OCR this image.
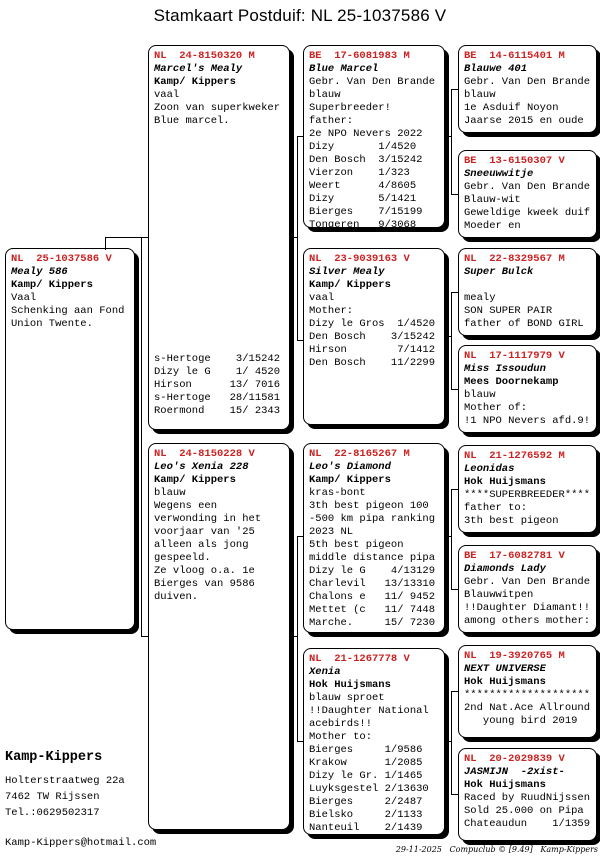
Stamkaart Postduif: NL 25-1037586 V
NL  25-1037586 V
Mealy 586
Kamp/ Kippers
Vaal
Schenking aan Fond
Union Twente.
NL  24-8150320 M
Marcel's Mealy
Kamp/ Kippers
vaal
Zoon van superkweker
Blue marcel.
s-Hertoge    3/15242
Dizy le G    1/ 4520
Hirson      13/ 7016
s-Hertoge   28/11581
Roermond    15/ 2343
NL  24-8150228 V
Leo's Xenia 228
Kamp/ Kippers
blauw
Wegens een
verwonding in het
voorjaar van '25
alleen als jong
gespeeld.
Ze vloog o.a. 1e
Bierges van 9586
duiven.
BE  17-6081983 M
Blue Marcel
Gebr. Van Den Brande
blauw
Superbreeder!
father:
2e NPO Nevers 2022
Dizy       1/4520
Den Bosch  3/15242
Vierzon    1/323
Weert      4/8605
Dizy       5/1421
Bierges    7/15199
Tongeren   9/3068
NL  23-9039163 V
Silver Mealy
Kamp/ Kippers
vaal
Mother:
Dizy le Gros  1/4520
Den Bosch    3/15242
Hirson        7/1412
Den Bosch    11/2299
NL  22-8165267 M
Leo's Diamond
Kamp/ Kippers
kras-bont
3th best pigeon 100
-500 km pipa ranking
2023 NL
5th best pigeon
middle distance pipa
Dizy le G    4/13129
Charlevil   13/13310
Chalons e   11/ 9452
Mettet (c   11/ 7448
Marche.     15/ 7230
NL  21-1267778 V
Xenia
Hok Huijsmans
blauw sproet
!!Daughter National
acebirds!!
Mother to:
Bierges     1/9586
Krakow      1/2085
Dizy le Gr. 1/1465
Luyksgestel 2/13630
Bierges     2/2487
Bielsko     2/1133
Nanteuil    2/1439
BE  14-6115401 M
Blauwe 401
Gebr. Van Den Brande
blauw
1e Asduif Noyon
Jaarse 2015 en oude
BE  13-6150307 V
Sneeuwwitje
Gebr. Van Den Brande
Blauw-wit
Geweldige kweek duif
Moeder en
NL  22-8329567 M
Super Bulck
mealy
SON SUPER PAIR
father of BOND GIRL
NL  17-1117979 V
Miss Issoudun
Mees Doornekamp
blauw
Mother of:
!1 NPO Nevers afd.9!
NL  21-1276592 M
Leonidas
Hok Huijsmans
****SUPERBREEDER****
father to:
3th best pigeon
BE  17-6082781 V
Diamonds Lady
Gebr. Van Den Brande
Blauwwitpen
!!Daughter Diamant!!
among others mother:
NL  19-3920765 M
NEXT UNIVERSE
Hok Huijsmans
********************
2nd Nat.Ace Allround
young bird 2019
NL  20-2029839 V
JASMIJN  -2xist-
Hok Huijsmans
Raced by RuudNijssen
Sold 25.000 on Pipa
Chateaudun    1/1359
Kamp-Kippers
Holterstraatweg 22a
7462 TW Rijssen
Tel.:0629502317
Kamp-Kippers@hotmail.com
29-11-2025   Compuclub © [9.49]   Kamp-Kippers
